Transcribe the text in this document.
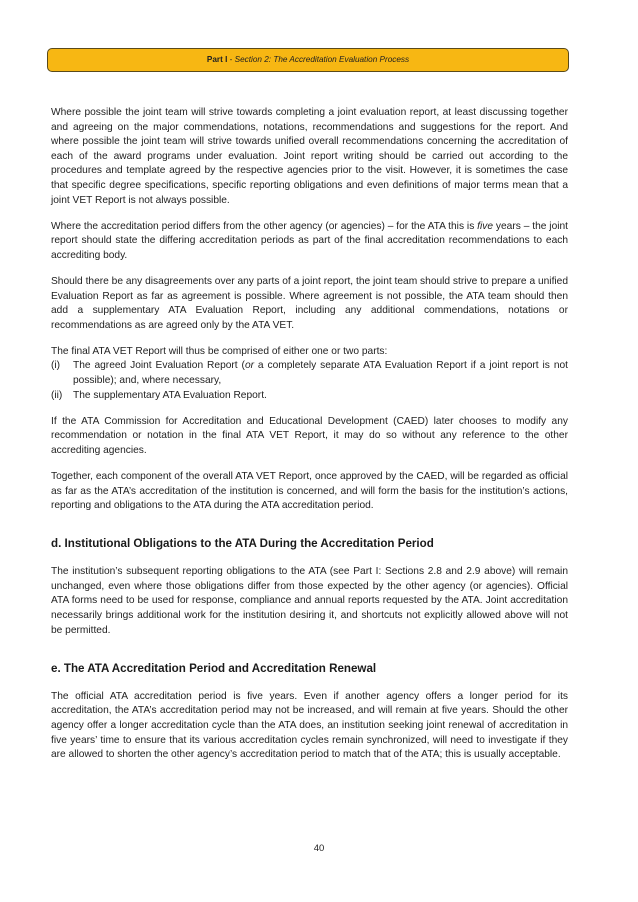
Part I - Section 2: The Accreditation Evaluation Process

Where possible the joint team will strive towards completing a joint evaluation report, at least discussing together and agreeing on the major commendations, notations, recommendations and suggestions for the report. And where possible the joint team will strive towards unified overall recommendations concerning the accreditation of each of the award programs under evaluation. Joint report writing should be carried out according to the procedures and template agreed by the respective agencies prior to the visit. However, it is sometimes the case that specific degree specifications, specific reporting obligations and even definitions of major terms mean that a joint VET Report is not always possible.

Where the accreditation period differs from the other agency (or agencies) – for the ATA this is five years – the joint report should state the differing accreditation periods as part of the final accreditation recommendations to each accrediting body.

Should there be any disagreements over any parts of a joint report, the joint team should strive to prepare a unified Evaluation Report as far as agreement is possible. Where agreement is not possible, the ATA team should then add a supplementary ATA Evaluation Report, including any additional commendations, notations or recommendations as are agreed only by the ATA VET.

The final ATA VET Report will thus be comprised of either one or two parts:

(i) The agreed Joint Evaluation Report (or a completely separate ATA Evaluation Report if a joint report is not possible); and, where necessary,
(ii) The supplementary ATA Evaluation Report.

If the ATA Commission for Accreditation and Educational Development (CAED) later chooses to modify any recommendation or notation in the final ATA VET Report, it may do so without any reference to the other accrediting agencies.

Together, each component of the overall ATA VET Report, once approved by the CAED, will be regarded as official as far as the ATA’s accreditation of the institution is concerned, and will form the basis for the institution’s actions, reporting and obligations to the ATA during the ATA accreditation period.

d. Institutional Obligations to the ATA During the Accreditation Period

The institution’s subsequent reporting obligations to the ATA (see Part I: Sections 2.8 and 2.9 above) will remain unchanged, even where those obligations differ from those expected by the other agency (or agencies). Official ATA forms need to be used for response, compliance and annual reports requested by the ATA. Joint accreditation necessarily brings additional work for the institution desiring it, and shortcuts not explicitly allowed above will not be permitted.

e. The ATA Accreditation Period and Accreditation Renewal

The official ATA accreditation period is five years. Even if another agency offers a longer period for its accreditation, the ATA’s accreditation period may not be increased, and will remain at five years. Should the other agency offer a longer accreditation cycle than the ATA does, an institution seeking joint renewal of accreditation in five years’ time to ensure that its various accreditation cycles remain synchronized, will need to investigate if they are allowed to shorten the other agency’s accreditation period to match that of the ATA; this is usually acceptable.

40
